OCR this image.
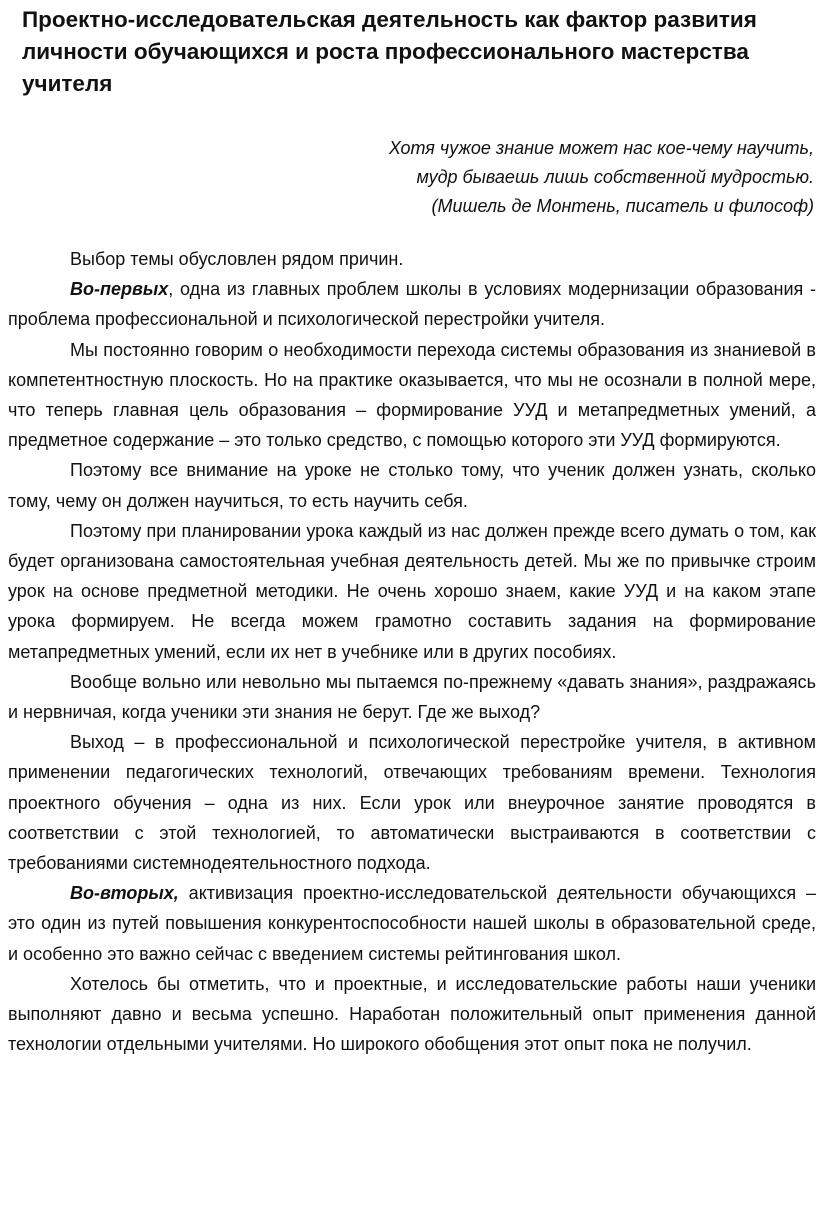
Проектно-исследовательская деятельность как фактор развития личности обучающихся и роста профессионального мастерства учителя
Хотя чужое знание может нас кое-чему научить,
мудр бываешь лишь собственной мудростью.
(Мишель де Монтень, писатель и философ)

Выбор темы обусловлен рядом причин.

Во-первых, одна из главных проблем школы в условиях модернизации образования - проблема профессиональной и психологической перестройки учителя.

Мы постоянно говорим о необходимости перехода системы образования из знаниевой в компетентностную плоскость. Но на практике оказывается, что мы не осознали в полной мере, что теперь главная цель образования – формирование УУД и метапредметных умений, а предметное содержание – это только средство, с помощью которого эти УУД формируются.

Поэтому все внимание на уроке не столько тому, что ученик должен узнать, сколько тому, чему он должен научиться, то есть научить себя.

Поэтому при планировании урока каждый из нас должен прежде всего думать о том, как будет организована самостоятельная учебная деятельность детей. Мы же по привычке строим урок на основе предметной методики. Не очень хорошо знаем, какие УУД и на каком этапе урока формируем. Не всегда можем грамотно составить задания на формирование метапредметных умений, если их нет в учебнике или в других пособиях.

Вообще вольно или невольно мы пытаемся по-прежнему «давать знания», раздражаясь и нервничая, когда ученики эти знания не берут. Где же выход?

Выход – в профессиональной и психологической перестройке учителя, в активном применении педагогических технологий, отвечающих требованиям времени. Технология проектного обучения – одна из них. Если урок или внеурочное занятие проводятся в соответствии с этой технологией, то автоматически выстраиваются в соответствии с требованиями системнодеятельностного подхода.

Во-вторых, активизация проектно-исследовательской деятельности обучающихся – это один из путей повышения конкурентоспособности нашей школы в образовательной среде, и особенно это важно сейчас с введением системы рейтингования школ.

Хотелось бы отметить, что и проектные, и исследовательские работы наши ученики выполняют давно и весьма успешно. Наработан положительный опыт применения данной технологии отдельными учителями. Но широкого обобщения этот опыт пока не получил.
